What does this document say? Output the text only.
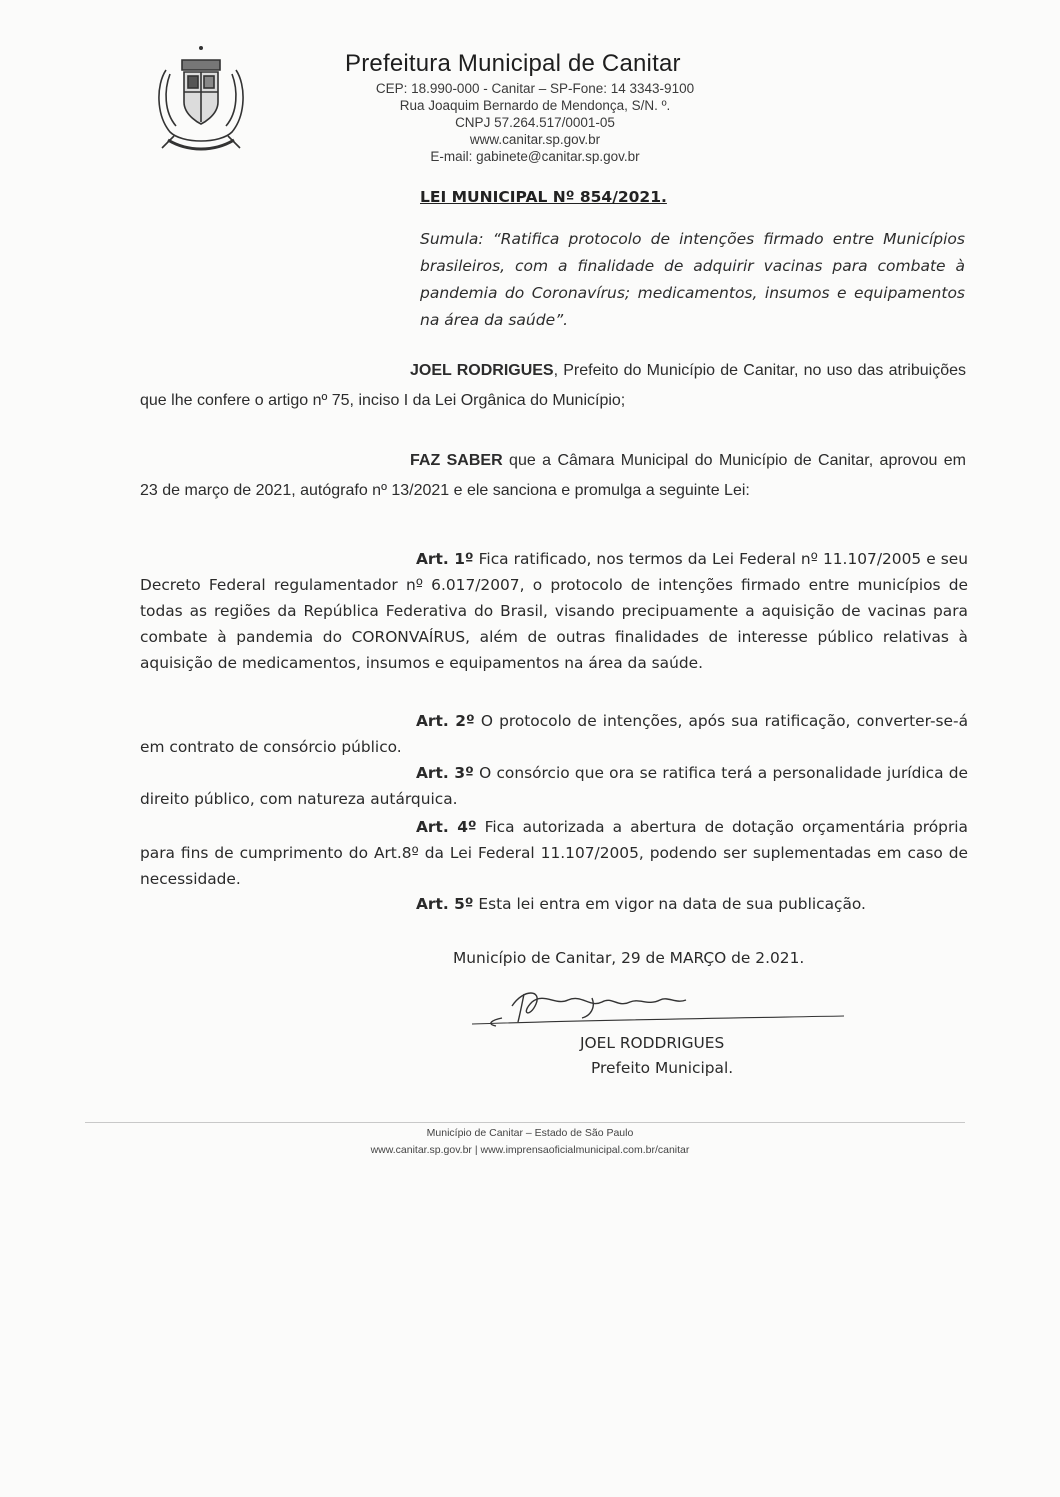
Prefeitura Municipal de Canitar
CEP: 18.990-000 - Canitar – SP-Fone: 14 3343-9100
Rua Joaquim Bernardo de Mendonça, S/N. º.
CNPJ 57.264.517/0001-05
www.canitar.sp.gov.br
E-mail: gabinete@canitar.sp.gov.br
LEI MUNICIPAL Nº 854/2021.
Sumula: “Ratifica protocolo de intenções firmado entre Municípios brasileiros, com a finalidade de adquirir vacinas para combate à pandemia do Coronavírus; medicamentos, insumos e equipamentos na área da saúde”.
JOEL RODRIGUES, Prefeito do Município de Canitar, no uso das atribuições que lhe confere o artigo nº 75, inciso I da Lei Orgânica do Município;
FAZ SABER que a Câmara Municipal do Município de Canitar, aprovou em 23 de março de 2021, autógrafo nº 13/2021 e ele sanciona e promulga a seguinte Lei:
Art. 1º Fica ratificado, nos termos da Lei Federal nº 11.107/2005 e seu Decreto Federal regulamentador nº 6.017/2007, o protocolo de intenções firmado entre municípios de todas as regiões da República Federativa do Brasil, visando precipuamente a aquisição de vacinas para combate à pandemia do CORONVAÍRUS, além de outras finalidades de interesse público relativas à aquisição de medicamentos, insumos e equipamentos na área da saúde.
Art. 2º O protocolo de intenções, após sua ratificação, converter-se-á em contrato de consórcio público.
Art. 3º O consórcio que ora se ratifica terá a personalidade jurídica de direito público, com natureza autárquica.
Art. 4º Fica autorizada a abertura de dotação orçamentária própria para fins de cumprimento do Art.8º da Lei Federal 11.107/2005, podendo ser suplementadas em caso de necessidade.
Art. 5º Esta lei entra em vigor na data de sua publicação.
Município de Canitar, 29 de MARÇO de 2.021.
JOEL RODDRIGUES
Prefeito Municipal.
Município de Canitar – Estado de São Paulo
www.canitar.sp.gov.br | www.imprensaoficialmunicipal.com.br/canitar
